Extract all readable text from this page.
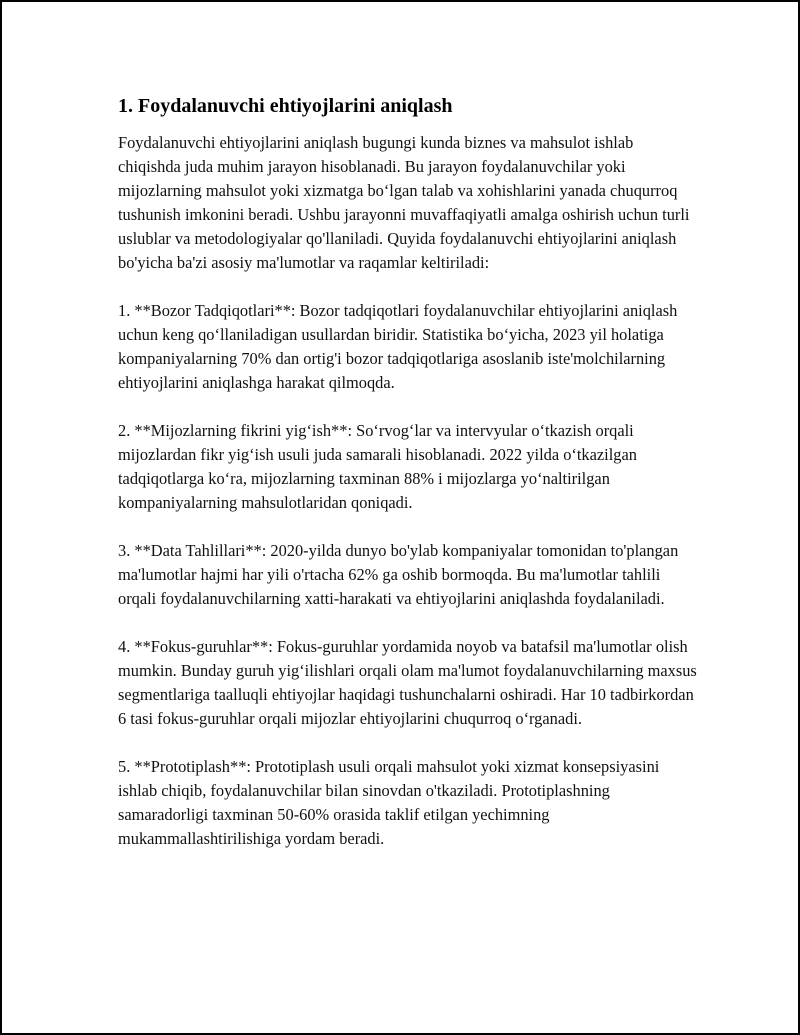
1. Foydalanuvchi ehtiyojlarini aniqlash

Foydalanuvchi ehtiyojlarini aniqlash bugungi kunda biznes va mahsulot ishlab chiqishda juda muhim jarayon hisoblanadi. Bu jarayon foydalanuvchilar yoki mijozlarning mahsulot yoki xizmatga bo‘lgan talab va xohishlarini yanada chuqurroq tushunish imkonini beradi. Ushbu jarayonni muvaffaqiyatli amalga oshirish uchun turli uslublar va metodologiyalar qo'llaniladi. Quyida foydalanuvchi ehtiyojlarini aniqlash bo'yicha ba'zi asosiy ma'lumotlar va raqamlar keltiriladi:

1. **Bozor Tadqiqotlari**: Bozor tadqiqotlari foydalanuvchilar ehtiyojlarini aniqlash uchun keng qo‘llaniladigan usullardan biridir. Statistika bo‘yicha, 2023 yil holatiga kompaniyalarning 70% dan ortig'i bozor tadqiqotlariga asoslanib iste'molchilarning ehtiyojlarini aniqlashga harakat qilmoqda.

2. **Mijozlarning fikrini yig‘ish**: So‘rvog‘lar va intervyular o‘tkazish orqali mijozlardan fikr yig‘ish usuli juda samarali hisoblanadi. 2022 yilda o‘tkazilgan tadqiqotlarga ko‘ra, mijozlarning taxminan 88% i mijozlarga yo‘naltirilgan kompaniyalarning mahsulotlaridan qoniqadi.

3. **Data Tahlillari**: 2020-yilda dunyo bo'ylab kompaniyalar tomonidan to'plangan ma'lumotlar hajmi har yili o'rtacha 62% ga oshib bormoqda. Bu ma'lumotlar tahlili orqali foydalanuvchilarning xatti-harakati va ehtiyojlarini aniqlashda foydalaniladi.

4. **Fokus-guruhlar**: Fokus-guruhlar yordamida noyob va batafsil ma'lumotlar olish mumkin. Bunday guruh yig‘ilishlari orqali olam ma'lumot foydalanuvchilarning maxsus segmentlariga taalluqli ehtiyojlar haqidagi tushunchalarni oshiradi. Har 10 tadbirkordan 6 tasi fokus-guruhlar orqali mijozlar ehtiyojlarini chuqurroq o‘rganadi.

5. **Prototiplash**: Prototiplash usuli orqali mahsulot yoki xizmat konsepsiyasini ishlab chiqib, foydalanuvchilar bilan sinovdan o'tkaziladi. Prototiplashning samaradorligi taxminan 50-60% orasida taklif etilgan yechimning mukammallashtirilishiga yordam beradi.
